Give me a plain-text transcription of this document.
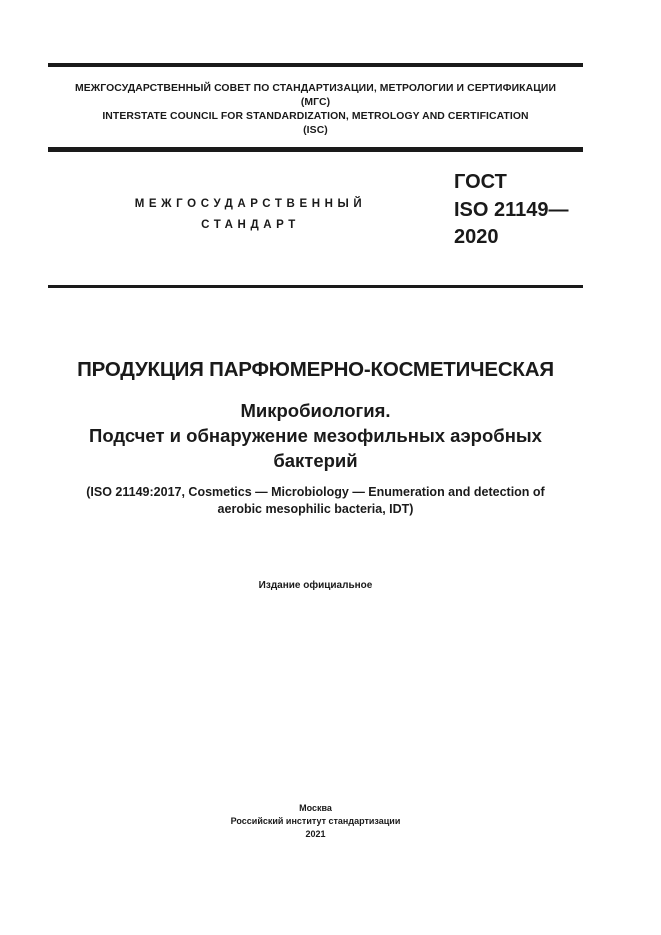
МЕЖГОСУДАРСТВЕННЫЙ СОВЕТ ПО СТАНДАРТИЗАЦИИ, МЕТРОЛОГИИ И СЕРТИФИКАЦИИ
(МГС)
INTERSTATE COUNCIL FOR STANDARDIZATION, METROLOGY AND CERTIFICATION
(ISC)
МЕЖГОСУДАРСТВЕННЫЙ
СТАНДАРТ
ГОСТ
ISO 21149—
2020
ПРОДУКЦИЯ ПАРФЮМЕРНО-КОСМЕТИЧЕСКАЯ
Микробиология.
Подсчет и обнаружение мезофильных аэробных
бактерий
(ISO 21149:2017, Cosmetics — Microbiology — Enumeration and detection of
aerobic mesophilic bacteria, IDT)
Издание официальное
Москва
Российский институт стандартизации
2021
